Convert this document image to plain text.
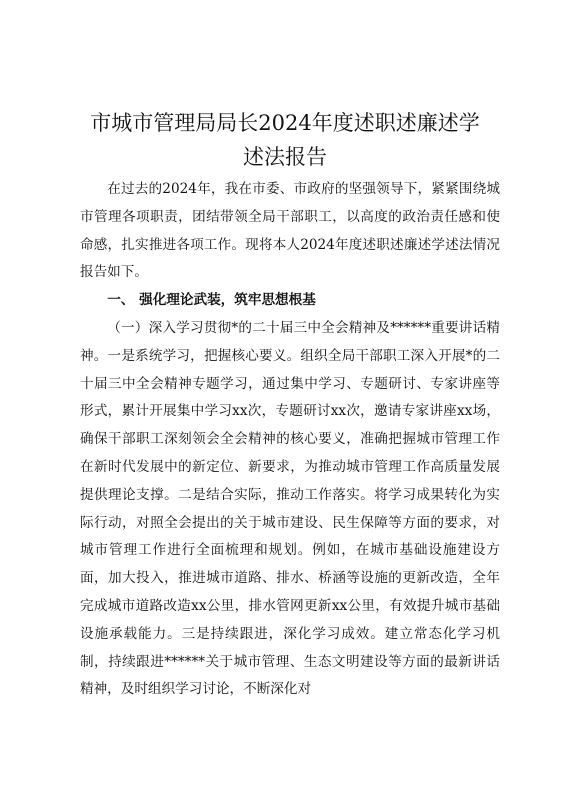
市城市管理局局长2024年度述职述廉述学
述法报告

在过去的2024年，我在市委、市政府的坚强领导下，紧紧围绕城市管理各项职责，团结带领全局干部职工，以高度的政治责任感和使命感，扎实推进各项工作。现将本人2024年度述职述廉述学述法情况报告如下。

一、 强化理论武装，筑牢思想根基

（一）深入学习贯彻*的二十届三中全会精神及******重要讲话精神。一是系统学习，把握核心要义。组织全局干部职工深入开展*的二十届三中全会精神专题学习，通过集中学习、专题研讨、专家讲座等形式，累计开展集中学习xx次，专题研讨xx次，邀请专家讲座xx场，确保干部职工深刻领会全会精神的核心要义，准确把握城市管理工作在新时代发展中的新定位、新要求，为推动城市管理工作高质量发展提供理论支撑。二是结合实际，推动工作落实。将学习成果转化为实际行动，对照全会提出的关于城市建设、民生保障等方面的要求，对城市管理工作进行全面梳理和规划。例如，在城市基础设施建设方面，加大投入，推进城市道路、排水、桥涵等设施的更新改造，全年完成城市道路改造xx公里，排水管网更新xx公里，有效提升城市基础设施承载能力。三是持续跟进，深化学习成效。建立常态化学习机制，持续跟进******关于城市管理、生态文明建设等方面的最新讲话精神，及时组织学习讨论，不断深化对
